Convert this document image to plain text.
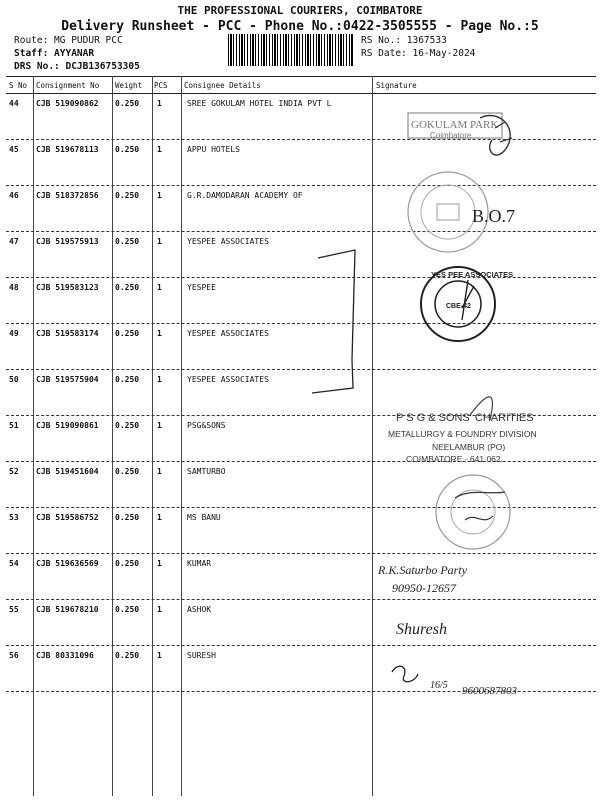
THE PROFESSIONAL COURIERS, COIMBATORE
Delivery Runsheet - PCC - Phone No.:0422-3505555 - Page No.:5
Route: MG PUDUR PCC
Staff: AYYANAR
DRS No.: DCJB136753305
RS No.: 1367533
RS Date: 16-May-2024
S No Consignment No Weight PCS Consignee Details	Signature
44 CJB 519090862 0.250 1	SREE GOKULAM HOTEL INDIA PVT L
45 CJB 519678113 0.250 1	APPU HOTELS
46 CJB 518372856 0.250 1	G.R.DAMODARAN ACADEMY OF
47 CJB 519575913 0.250 1	YESPEE ASSOCIATES
48 CJB 519583123 0.250 1	YESPEE
49 CJB 519583174 0.250 1	YESPEE ASSOCIATES
50 CJB 519575904 0.250 1	YESPEE ASSOCIATES
51 CJB 519090861 0.250 1	PSG&SONS
52 CJB 519451604 0.250 1	SAMTURBO
53 CJB 519586752 0.250 1	MS BANU
54 CJB 519636569 0.250 1	KUMAR
55 CJB 519678210 0.250 1	ASHOK
56 CJB 80331096	0.250 1	SURESH
GOKULAM PARK
Coimbatore
B.O.7
YES PEE ASSOCIATES
CBE-42
P S G & SONS' CHARITIES
METALLURGY & FOUNDRY DIVISION
NEELAMBUR (PO)
COIMBATORE - 641 062.
R.K.Saturbo Party
90950-12657
Shuresh
16/5 9600687803
